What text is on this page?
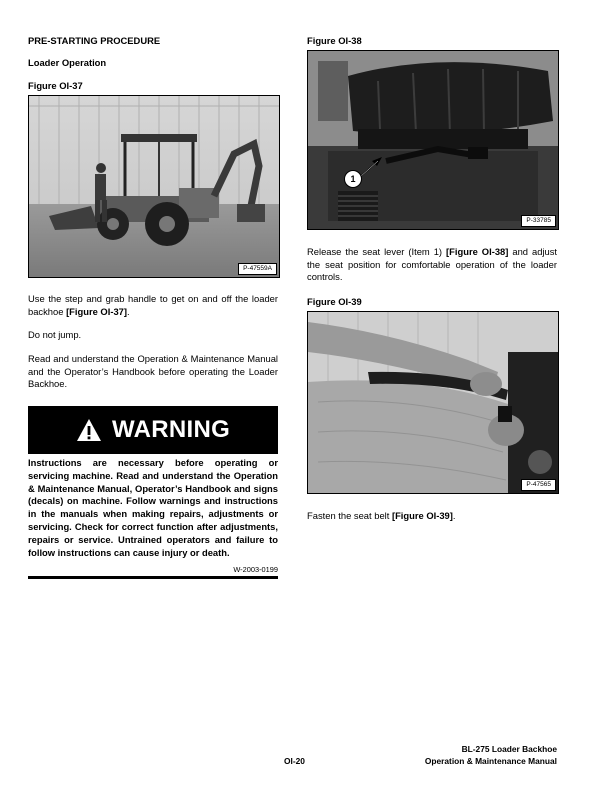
PRE-STARTING PROCEDURE
Loader Operation
Figure OI-37
P-47559A
Use the step and grab handle to get on and off the loader backhoe [Figure OI-37].
Do not jump.
Read and understand the Operation & Maintenance Manual and the Operator’s Handbook before operating the Loader Backhoe.
WARNING
Instructions are necessary before operating or servicing machine. Read and understand the Operation & Maintenance Manual, Operator’s Handbook and signs (decals) on machine. Follow warnings and instructions in the manuals when making repairs, adjustments or servicing. Check for correct function after adjustments, repairs or service. Untrained operators and failure to follow instructions can cause injury or death.
W-2003-0199
Figure OI-38
1
P-33785
Release the seat lever (Item 1) [Figure OI-38] and adjust the seat position for comfortable operation of the loader controls.
Figure OI-39
P-47565
Fasten the seat belt [Figure OI-39].
OI-20
BL-275 Loader Backhoe
Operation & Maintenance Manual
